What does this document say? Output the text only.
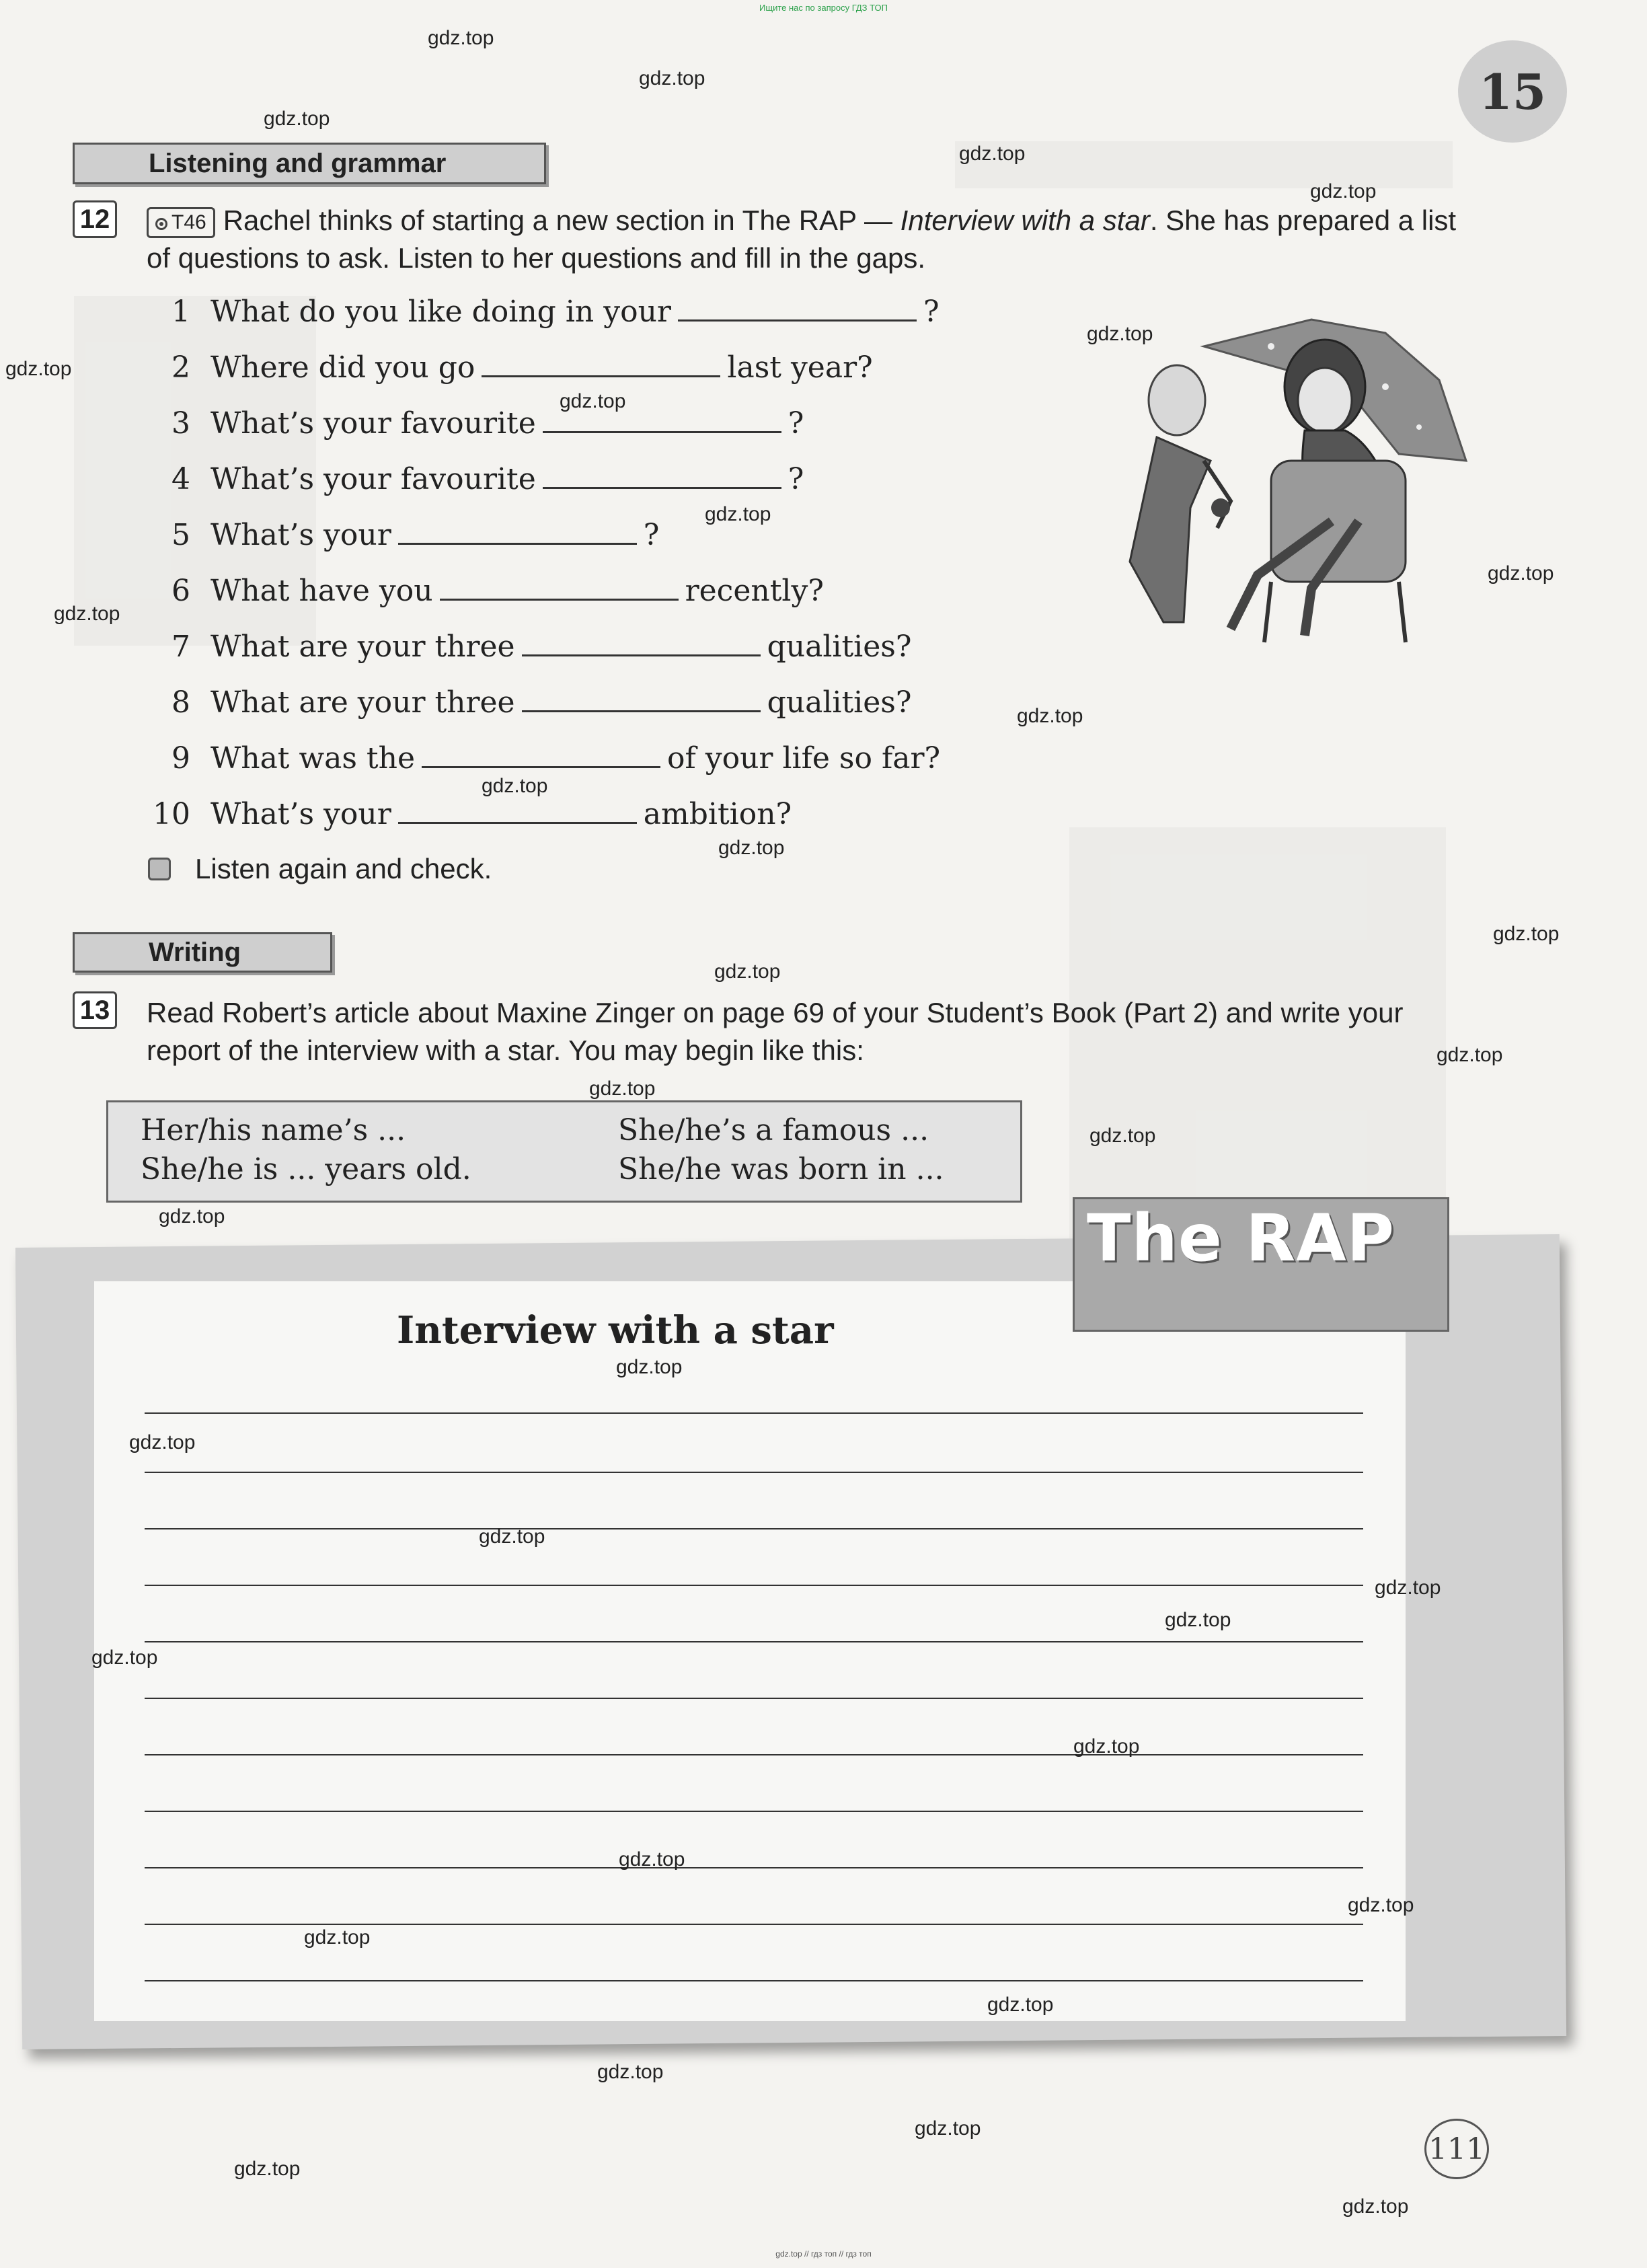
Ищите нас по запросу ГДЗ ТОП
gdz.top // гдз топ // гдз топ
15
Listening and grammar
12	T46 Rachel thinks of starting a new section in The RAP — Interview with a star. She has prepared a list of questions to ask. Listen to her questions and fill in the gaps.
1 What do you like doing in your	?
2 Where did you go	last year?
3 What’s your favourite	?
4 What’s your favourite	?
5 What’s your	?
6 What have you	recently?
7 What are your three	qualities?
8 What are your three	qualities?
9 What was the	of your life so far?
10 What’s your	ambition?
Listen again and check.
Writing
13 Read Robert’s article about Maxine Zinger on page 69 of your Student’s Book (Part 2) and write your report of the interview with a star. You may begin like this:
Her/his name’s ...	She/he’s a famous ...
She/he is ... years old.	She/he was born in ...
The RAP
Interview with a star
111
gdz.top
gdz.top
gdz.top
gdz.top
gdz.top
gdz.top
gdz.top
gdz.top
gdz.top
gdz.top
gdz.top
gdz.top
gdz.top
gdz.top
gdz.top
gdz.top
gdz.top
gdz.top
gdz.top
gdz.top
gdz.top
gdz.top
gdz.top
gdz.top
gdz.top
gdz.top
gdz.top
gdz.top
gdz.top
gdz.top
gdz.top
gdz.top
gdz.top
gdz.top
gdz.top
